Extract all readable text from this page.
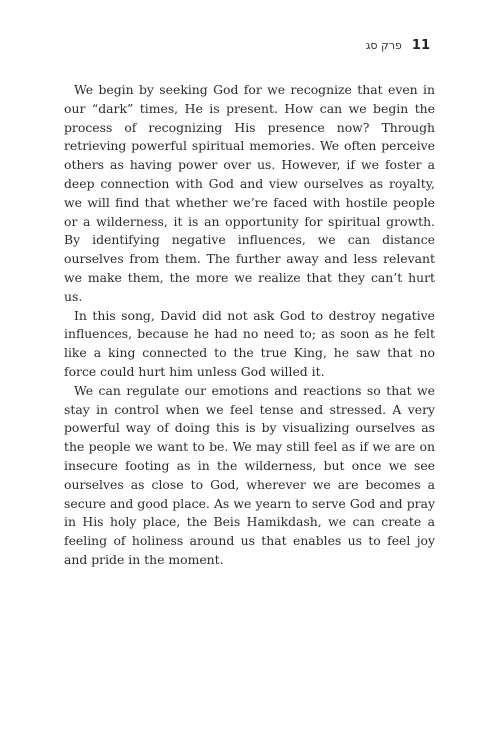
פרק סג 11

We begin by seeking God for we recognize that even in our “dark” times, He is present. How can we begin the process of recognizing His presence now? Through retrieving powerful spiritual memories. We often perceive others as having power over us. However, if we foster a deep connection with God and view ourselves as royalty, we will find that whether we’re faced with hostile people or a wilderness, it is an opportunity for spiritual growth. By identifying negative influences, we can distance ourselves from them. The further away and less relevant we make them, the more we realize that they can’t hurt us.

In this song, David did not ask God to destroy negative influences, because he had no need to; as soon as he felt like a king connected to the true King, he saw that no force could hurt him unless God willed it.

We can regulate our emotions and reactions so that we stay in control when we feel tense and stressed. A very powerful way of doing this is by visualizing ourselves as the people we want to be. We may still feel as if we are on insecure footing as in the wilderness, but once we see ourselves as close to God, wherever we are becomes a secure and good place. As we yearn to serve God and pray in His holy place, the Beis Hamikdash, we can create a feeling of holiness around us that enables us to feel joy and pride in the moment.
